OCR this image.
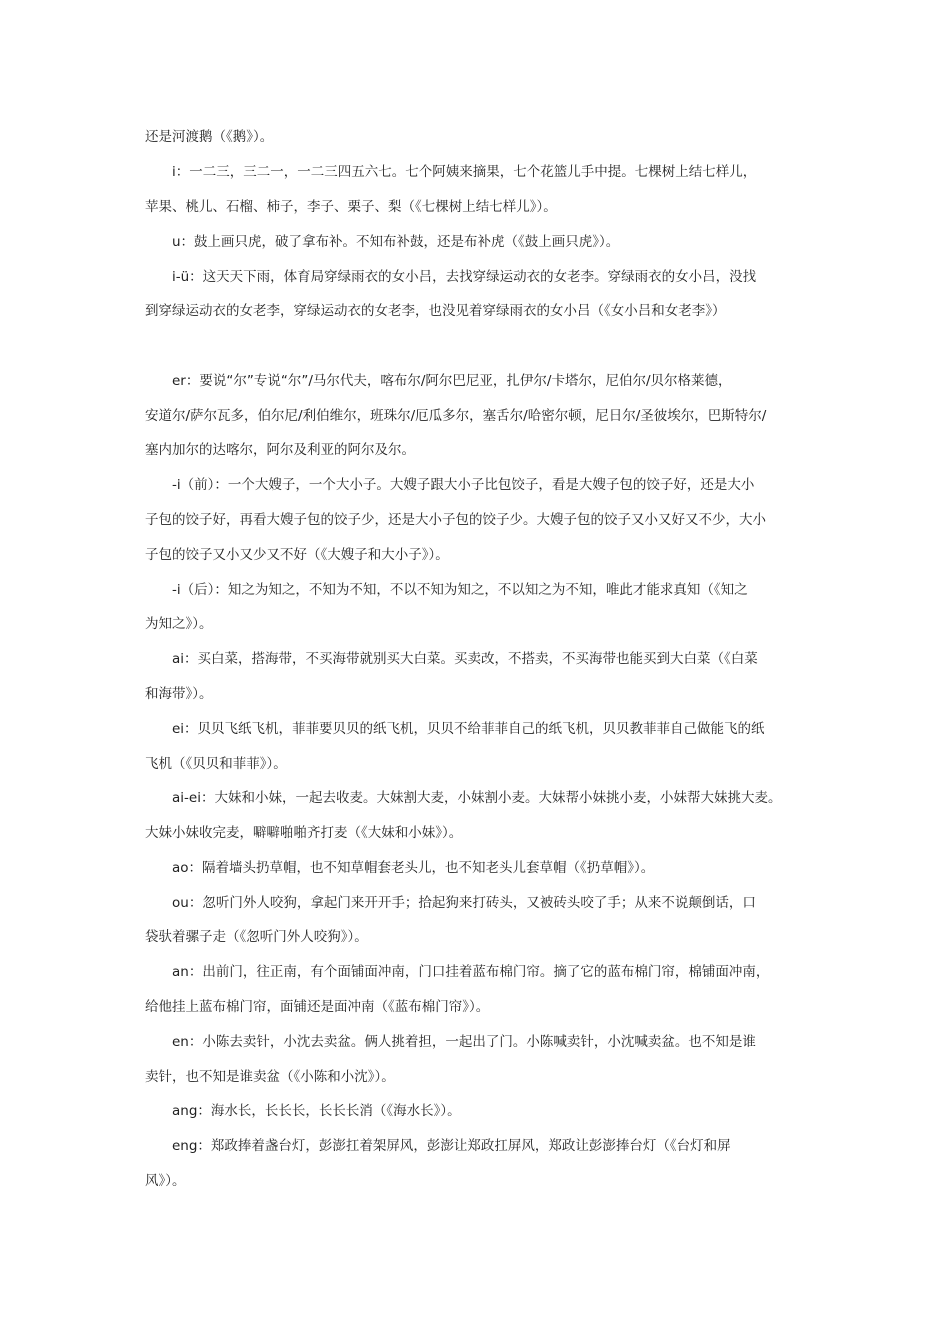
还是河渡鹅（《鹅》）。
i：一二三，三二一，一二三四五六七。七个阿姨来摘果，七个花篮儿手中提。七棵树上结七样儿，
苹果、桃儿、石榴、柿子，李子、栗子、梨（《七棵树上结七样儿》）。
u：鼓上画只虎，破了拿布补。不知布补鼓，还是布补虎（《鼓上画只虎》）。
i-ü：这天天下雨，体育局穿绿雨衣的女小吕，去找穿绿运动衣的女老李。穿绿雨衣的女小吕，没找
到穿绿运动衣的女老李，穿绿运动衣的女老李，也没见着穿绿雨衣的女小吕（《女小吕和女老李》）
er：要说“尔”专说“尔”/马尔代夫，喀布尔/阿尔巴尼亚，扎伊尔/卡塔尔，尼伯尔/贝尔格莱德，
安道尔/萨尔瓦多，伯尔尼/利伯维尔，班珠尔/厄瓜多尔，塞舌尔/哈密尔顿，尼日尔/圣彼埃尔，巴斯特尔/
塞内加尔的达喀尔，阿尔及利亚的阿尔及尔。
-i（前）：一个大嫂子，一个大小子。大嫂子跟大小子比包饺子，看是大嫂子包的饺子好，还是大小
子包的饺子好，再看大嫂子包的饺子少，还是大小子包的饺子少。大嫂子包的饺子又小又好又不少，大小
子包的饺子又小又少又不好（《大嫂子和大小子》）。
-i（后）：知之为知之，不知为不知，不以不知为知之，不以知之为不知，唯此才能求真知（《知之
为知之》）。
ai：买白菜，搭海带，不买海带就别买大白菜。买卖改，不搭卖，不买海带也能买到大白菜（《白菜
和海带》）。
ei：贝贝飞纸飞机，菲菲要贝贝的纸飞机，贝贝不给菲菲自己的纸飞机，贝贝教菲菲自己做能飞的纸
飞机（《贝贝和菲菲》）。
ai-ei：大妹和小妹，一起去收麦。大妹割大麦，小妹割小麦。大妹帮小妹挑小麦，小妹帮大妹挑大麦。
大妹小妹收完麦，噼噼啪啪齐打麦（《大妹和小妹》）。
ao：隔着墙头扔草帽，也不知草帽套老头儿，也不知老头儿套草帽（《扔草帽》）。
ou：忽听门外人咬狗，拿起门来开开手；拾起狗来打砖头，又被砖头咬了手；从来不说颠倒话，口
袋驮着骡子走（《忽听门外人咬狗》）。
an：出前门，往正南，有个面铺面冲南，门口挂着蓝布棉门帘。摘了它的蓝布棉门帘，棉铺面冲南，
给他挂上蓝布棉门帘，面铺还是面冲南（《蓝布棉门帘》）。
en：小陈去卖针，小沈去卖盆。俩人挑着担，一起出了门。小陈喊卖针，小沈喊卖盆。也不知是谁
卖针，也不知是谁卖盆（《小陈和小沈》）。
ang：海水长，长长长，长长长消（《海水长》）。
eng：郑政捧着盏台灯，彭澎扛着架屏风，彭澎让郑政扛屏风，郑政让彭澎捧台灯（《台灯和屏
风》）。
